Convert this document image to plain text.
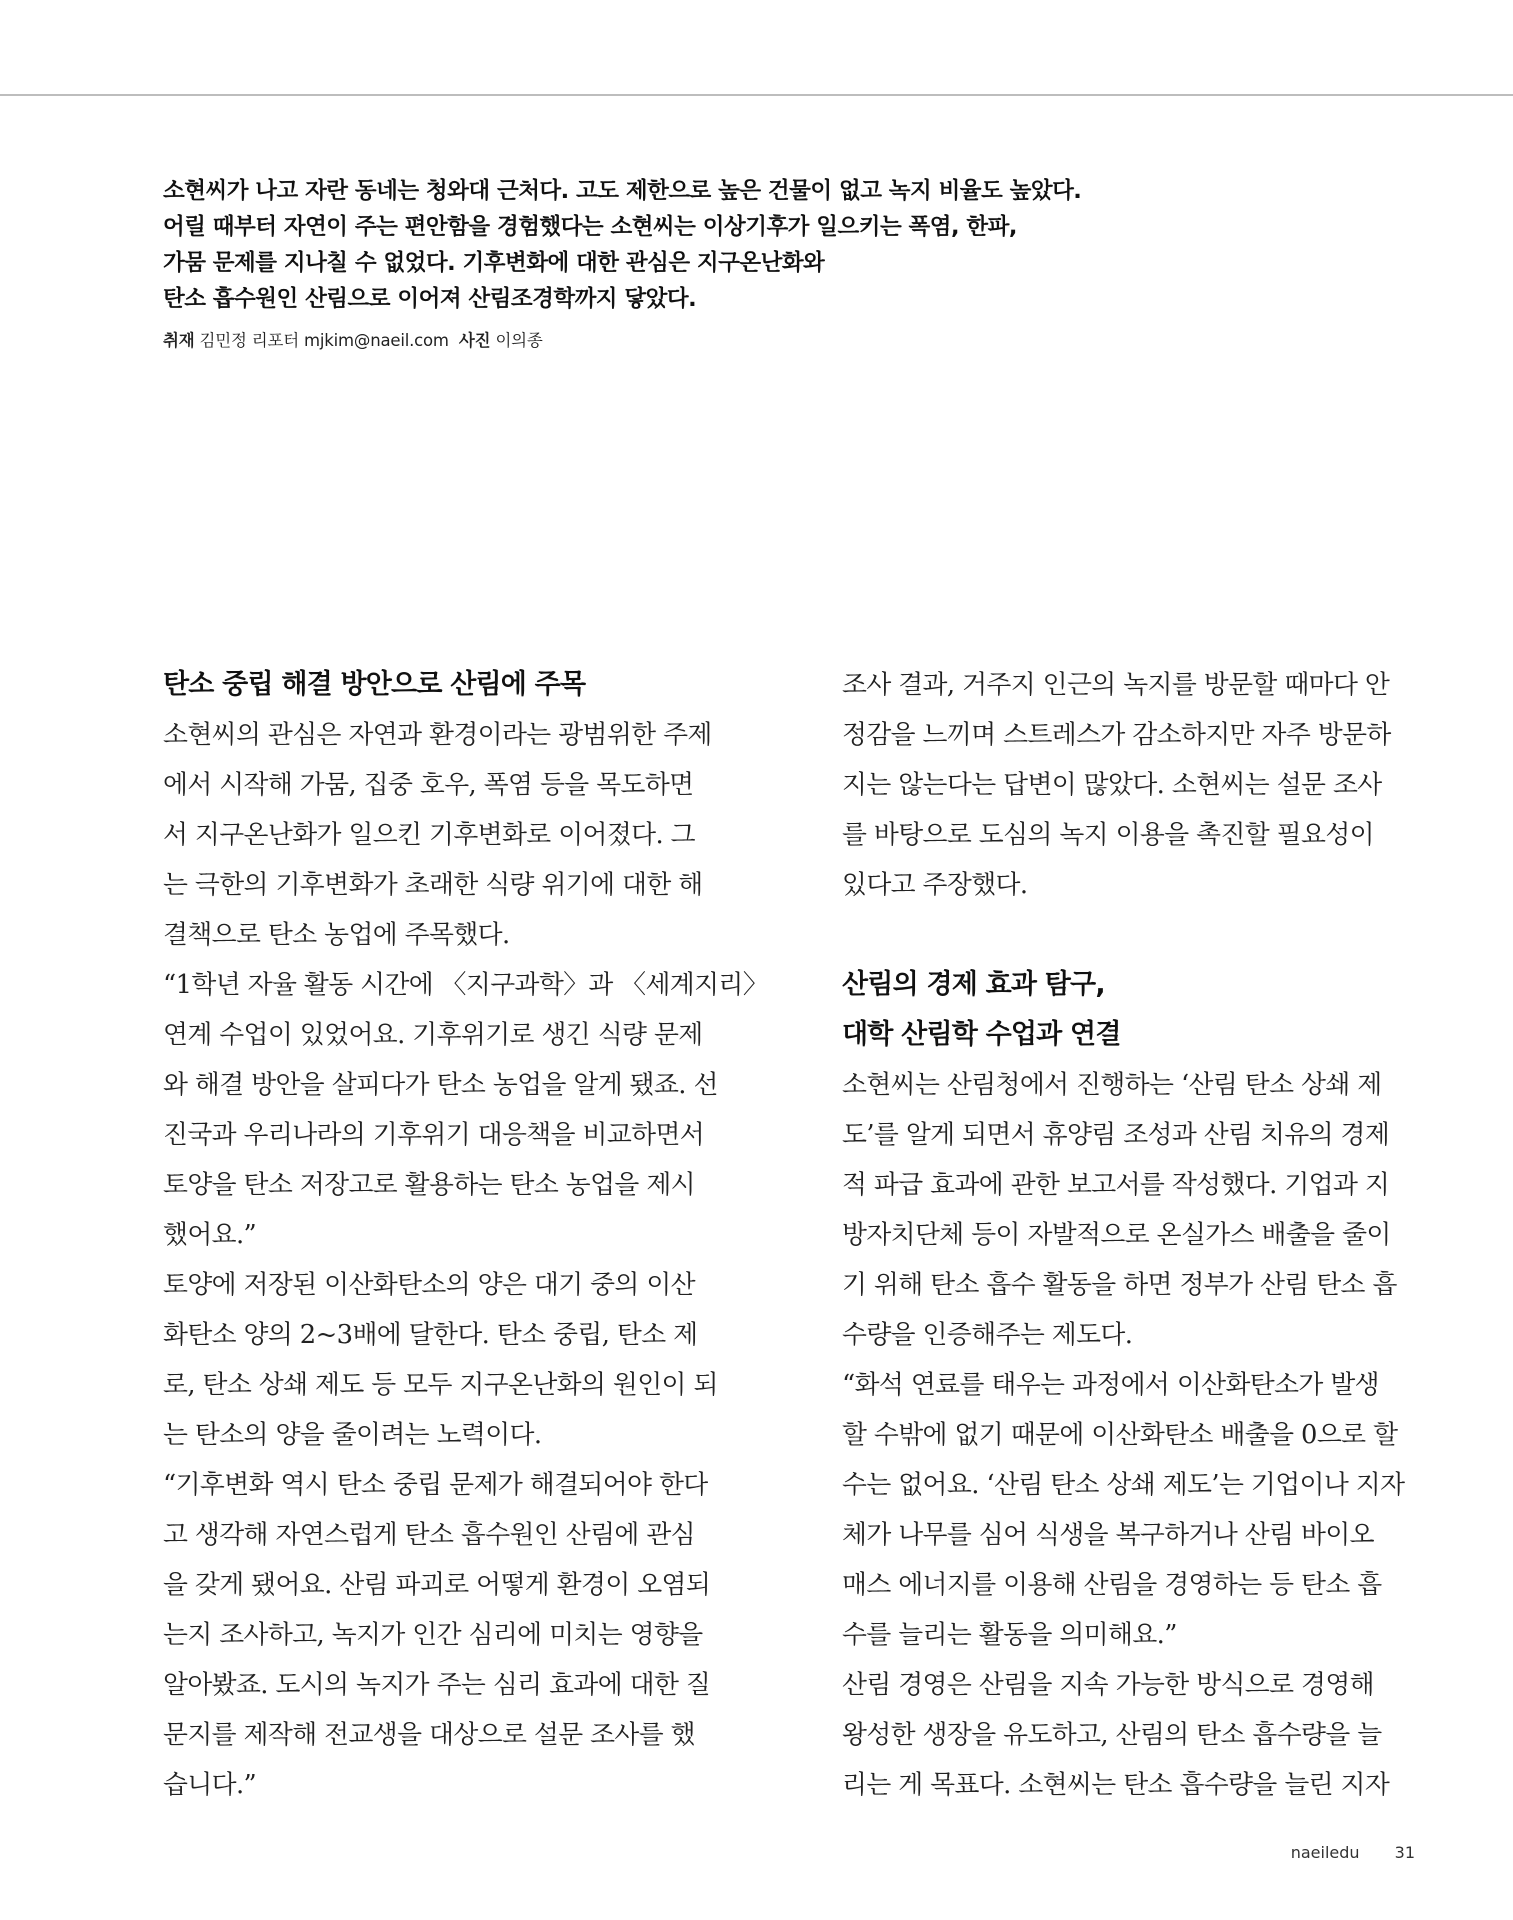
소현씨가 나고 자란 동네는 청와대 근처다. 고도 제한으로 높은 건물이 없고 녹지 비율도 높았다.
어릴 때부터 자연이 주는 편안함을 경험했다는 소현씨는 이상기후가 일으키는 폭염, 한파,
가뭄 문제를 지나칠 수 없었다. 기후변화에 대한 관심은 지구온난화와
탄소 흡수원인 산림으로 이어져 산림조경학까지 닿았다.
취재 김민정 리포터 mjkim@naeil.com 사진 이의종
탄소 중립 해결 방안으로 산림에 주목
소현씨의 관심은 자연과 환경이라는 광범위한 주제
에서 시작해 가뭄, 집중 호우, 폭염 등을 목도하면
서 지구온난화가 일으킨 기후변화로 이어졌다. 그
는 극한의 기후변화가 초래한 식량 위기에 대한 해
결책으로 탄소 농업에 주목했다.
“1학년 자율 활동 시간에 〈지구과학〉과 〈세계지리〉
연계 수업이 있었어요. 기후위기로 생긴 식량 문제
와 해결 방안을 살피다가 탄소 농업을 알게 됐죠. 선
진국과 우리나라의 기후위기 대응책을 비교하면서
토양을 탄소 저장고로 활용하는 탄소 농업을 제시
했어요.”
토양에 저장된 이산화탄소의 양은 대기 중의 이산
화탄소 양의 2~3배에 달한다. 탄소 중립, 탄소 제
로, 탄소 상쇄 제도 등 모두 지구온난화의 원인이 되
는 탄소의 양을 줄이려는 노력이다.
“기후변화 역시 탄소 중립 문제가 해결되어야 한다
고 생각해 자연스럽게 탄소 흡수원인 산림에 관심
을 갖게 됐어요. 산림 파괴로 어떻게 환경이 오염되
는지 조사하고, 녹지가 인간 심리에 미치는 영향을
알아봤죠. 도시의 녹지가 주는 심리 효과에 대한 질
문지를 제작해 전교생을 대상으로 설문 조사를 했
습니다.”
조사 결과, 거주지 인근의 녹지를 방문할 때마다 안
정감을 느끼며 스트레스가 감소하지만 자주 방문하
지는 않는다는 답변이 많았다. 소현씨는 설문 조사
를 바탕으로 도심의 녹지 이용을 촉진할 필요성이
있다고 주장했다.
산림의 경제 효과 탐구,
대학 산림학 수업과 연결
소현씨는 산림청에서 진행하는 ‘산림 탄소 상쇄 제
도’를 알게 되면서 휴양림 조성과 산림 치유의 경제
적 파급 효과에 관한 보고서를 작성했다. 기업과 지
방자치단체 등이 자발적으로 온실가스 배출을 줄이
기 위해 탄소 흡수 활동을 하면 정부가 산림 탄소 흡
수량을 인증해주는 제도다.
“화석 연료를 태우는 과정에서 이산화탄소가 발생
할 수밖에 없기 때문에 이산화탄소 배출을 0으로 할
수는 없어요. ‘산림 탄소 상쇄 제도’는 기업이나 지자
체가 나무를 심어 식생을 복구하거나 산림 바이오
매스 에너지를 이용해 산림을 경영하는 등 탄소 흡
수를 늘리는 활동을 의미해요.”
산림 경영은 산림을 지속 가능한 방식으로 경영해
왕성한 생장을 유도하고, 산림의 탄소 흡수량을 늘
리는 게 목표다. 소현씨는 탄소 흡수량을 늘린 지자
naeiledu 31
